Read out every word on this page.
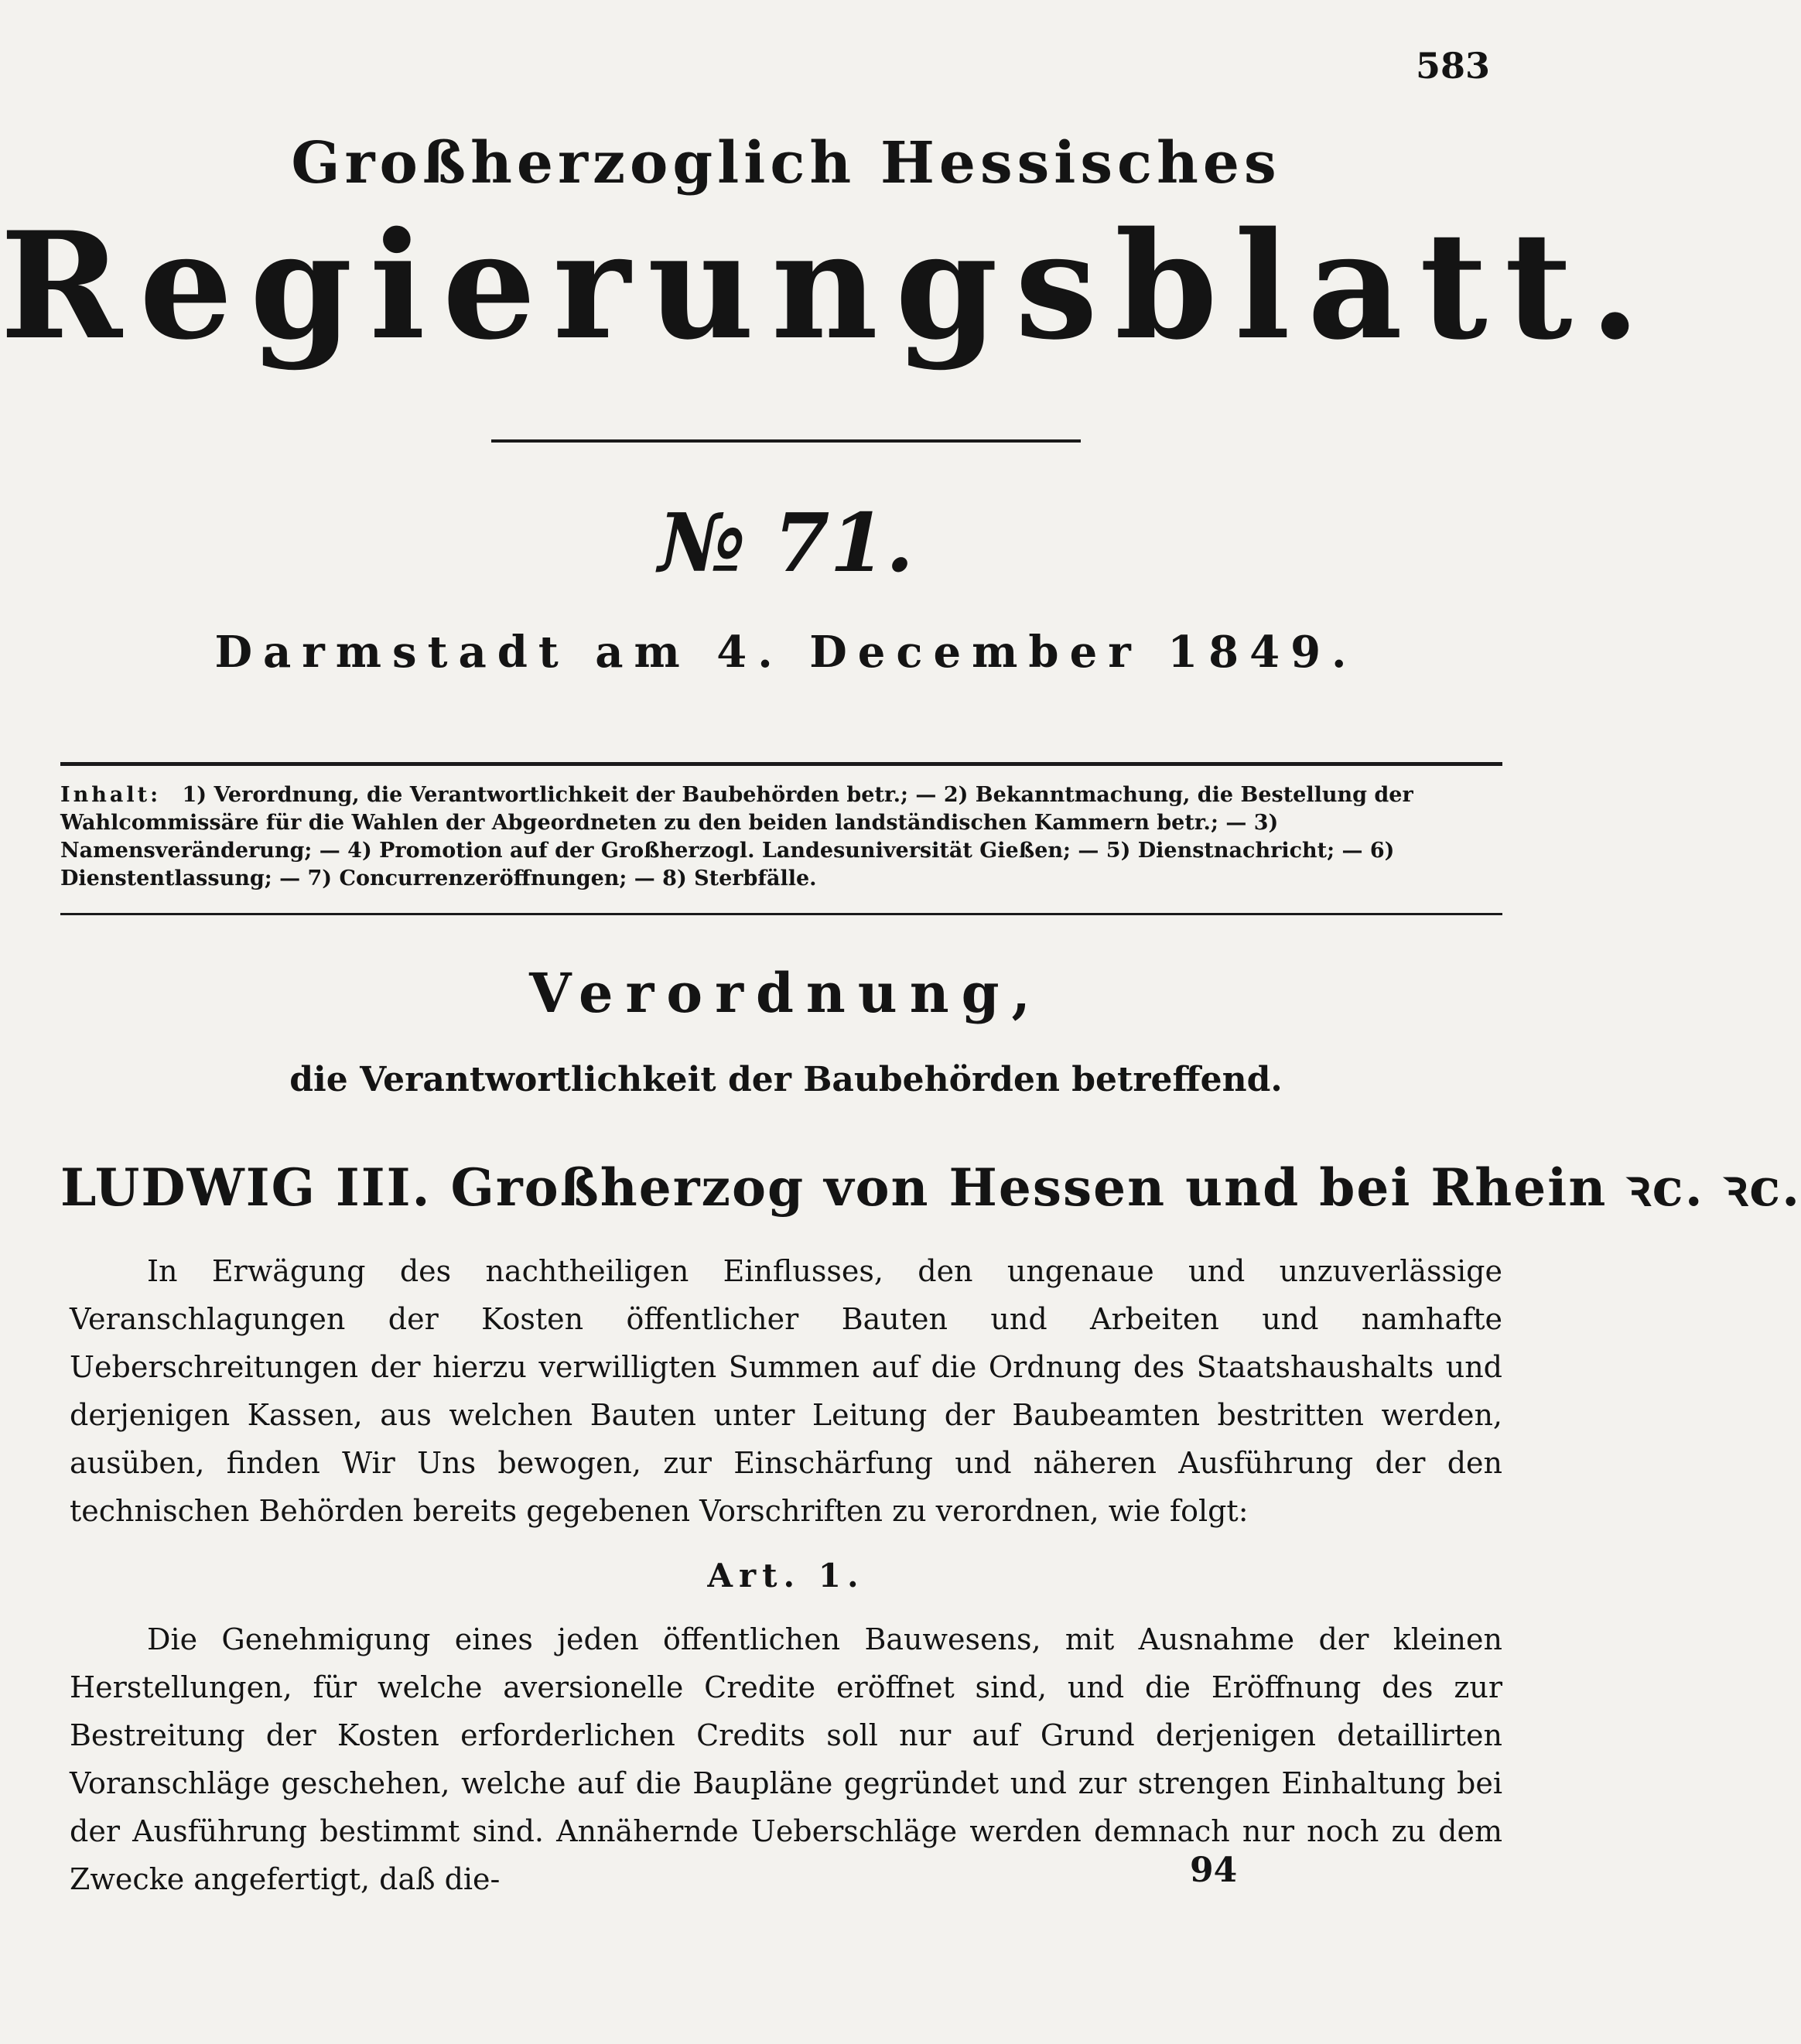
583
Großherzoglich Hessisches
Regierungsblatt.
№ 71.
Darmstadt am 4. December 1849.
Inhalt: 1) Verordnung, die Verantwortlichkeit der Baubehörden betr.; — 2) Bekanntmachung, die Bestellung der Wahlcommissäre für die Wahlen der Abgeordneten zu den beiden landständischen Kammern betr.; — 3) Namensveränderung; — 4) Promotion auf der Großherzogl. Landesuniversität Gießen; — 5) Dienstnachricht; — 6) Dienstentlassung; — 7) Concurrenzeröffnungen; — 8) Sterbfälle.
Verordnung,
die Verantwortlichkeit der Baubehörden betreffend.
LUDWIG III. Großherzog von Hessen und bei Rhein ꝛc. ꝛc.
In Erwägung des nachtheiligen Einflusses, den ungenaue und unzuverlässige Veranschlagungen der Kosten öffentlicher Bauten und Arbeiten und namhafte Ueberschreitungen der hierzu verwilligten Summen auf die Ordnung des Staatshaushalts und derjenigen Kassen, aus welchen Bauten unter Leitung der Baubeamten bestritten werden, ausüben, finden Wir Uns bewogen, zur Einschärfung und näheren Ausführung der den technischen Behörden bereits gegebenen Vorschriften zu verordnen, wie folgt:
Art. 1.
Die Genehmigung eines jeden öffentlichen Bauwesens, mit Ausnahme der kleinen Herstellungen, für welche aversionelle Credite eröffnet sind, und die Eröffnung des zur Bestreitung der Kosten erforderlichen Credits soll nur auf Grund derjenigen detaillirten Voranschläge geschehen, welche auf die Baupläne gegründet und zur strengen Einhaltung bei der Ausführung bestimmt sind. Annähernde Ueberschläge werden demnach nur noch zu dem Zwecke angefertigt, daß die-	94
